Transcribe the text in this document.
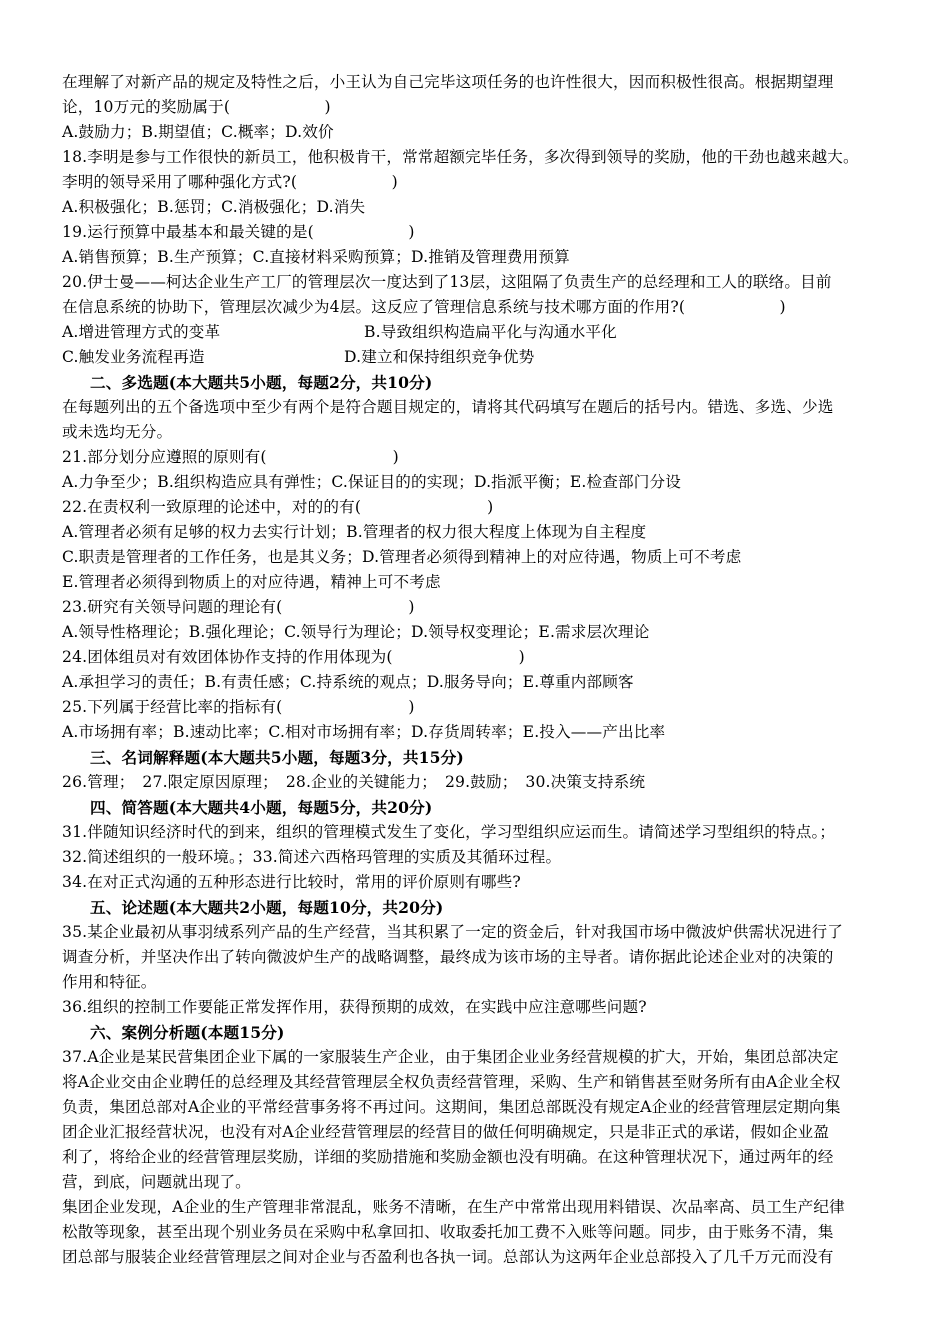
在理解了对新产品的规定及特性之后，小王认为自己完毕这项任务的也许性很大，因而积极性很高。根据期望理
论，10万元的奖励属于(　　　　　　)
A.鼓励力；B.期望值；C.概率；D.效价
18.李明是参与工作很快的新员工，他积极肯干，常常超额完毕任务，多次得到领导的奖励，他的干劲也越来越大。
李明的领导采用了哪种强化方式?(　　　　　　)
A.积极强化；B.惩罚；C.消极强化；D.消失
19.运行预算中最基本和最关键的是(　　　　　　)
A.销售预算；B.生产预算；C.直接材料采购预算；D.推销及管理费用预算
20.伊士曼——柯达企业生产工厂的管理层次一度达到了13层，这阻隔了负责生产的总经理和工人的联络。目前
在信息系统的协助下，管理层次减少为4层。这反应了管理信息系统与技术哪方面的作用?(　　　　　　)
A.增进管理方式的变革	B.导致组织构造扁平化与沟通水平化
C.触发业务流程再造	D.建立和保持组织竞争优势
二、多选题(本大题共5小题，每题2分，共10分)
在每题列出的五个备选项中至少有两个是符合题目规定的，请将其代码填写在题后的括号内。错选、多选、少选
或未选均无分。
21.部分划分应遵照的原则有(　　　　　　　　)
A.力争至少；B.组织构造应具有弹性；C.保证目的的实现；D.指派平衡；E.检查部门分设
22.在责权利一致原理的论述中，对的的有(　　　　　　　　)
A.管理者必须有足够的权力去实行计划；B.管理者的权力很大程度上体现为自主程度
C.职责是管理者的工作任务，也是其义务；D.管理者必须得到精神上的对应待遇，物质上可不考虑
E.管理者必须得到物质上的对应待遇，精神上可不考虑
23.研究有关领导问题的理论有(　　　　　　　　)
A.领导性格理论；B.强化理论；C.领导行为理论；D.领导权变理论；E.需求层次理论
24.团体组员对有效团体协作支持的作用体现为(　　　　　　　　)
A.承担学习的责任；B.有责任感；C.持系统的观点；D.服务导向；E.尊重内部顾客
25.下列属于经营比率的指标有(　　　　　　　　)
A.市场拥有率；B.速动比率；C.相对市场拥有率；D.存货周转率；E.投入——产出比率
三、名词解释题(本大题共5小题，每题3分，共15分)
26.管理；　27.限定原因原理；　28.企业的关键能力；　29.鼓励；　30.决策支持系统
四、简答题(本大题共4小题，每题5分，共20分)
31.伴随知识经济时代的到来，组织的管理模式发生了变化，学习型组织应运而生。请简述学习型组织的特点。；
32.简述组织的一般环境。；33.简述六西格玛管理的实质及其循环过程。
34.在对正式沟通的五种形态进行比较时，常用的评价原则有哪些?
五、论述题(本大题共2小题，每题10分，共20分)
35.某企业最初从事羽绒系列产品的生产经营，当其积累了一定的资金后，针对我国市场中微波炉供需状况进行了
调查分析，并坚决作出了转向微波炉生产的战略调整，最终成为该市场的主导者。请你据此论述企业对的决策的
作用和特征。
36.组织的控制工作要能正常发挥作用，获得预期的成效，在实践中应注意哪些问题?
六、案例分析题(本题15分)
37.A企业是某民营集团企业下属的一家服装生产企业，由于集团企业业务经营规模的扩大，开始，集团总部决定
将A企业交由企业聘任的总经理及其经营管理层全权负责经营管理，采购、生产和销售甚至财务所有由A企业全权
负责，集团总部对A企业的平常经营事务将不再过问。这期间，集团总部既没有规定A企业的经营管理层定期向集
团企业汇报经营状况，也没有对A企业经营管理层的经营目的做任何明确规定，只是非正式的承诺，假如企业盈
利了，将给企业的经营管理层奖励，详细的奖励措施和奖励金额也没有明确。在这种管理状况下，通过两年的经
营，到底，问题就出现了。
集团企业发现，A企业的生产管理非常混乱，账务不清晰，在生产中常常出现用料错误、次品率高、员工生产纪律
松散等现象，甚至出现个别业务员在采购中私拿回扣、收取委托加工费不入账等问题。同步，由于账务不清，集
团总部与服装企业经营管理层之间对企业与否盈利也各执一词。总部认为这两年企业总部投入了几千万元而没有
